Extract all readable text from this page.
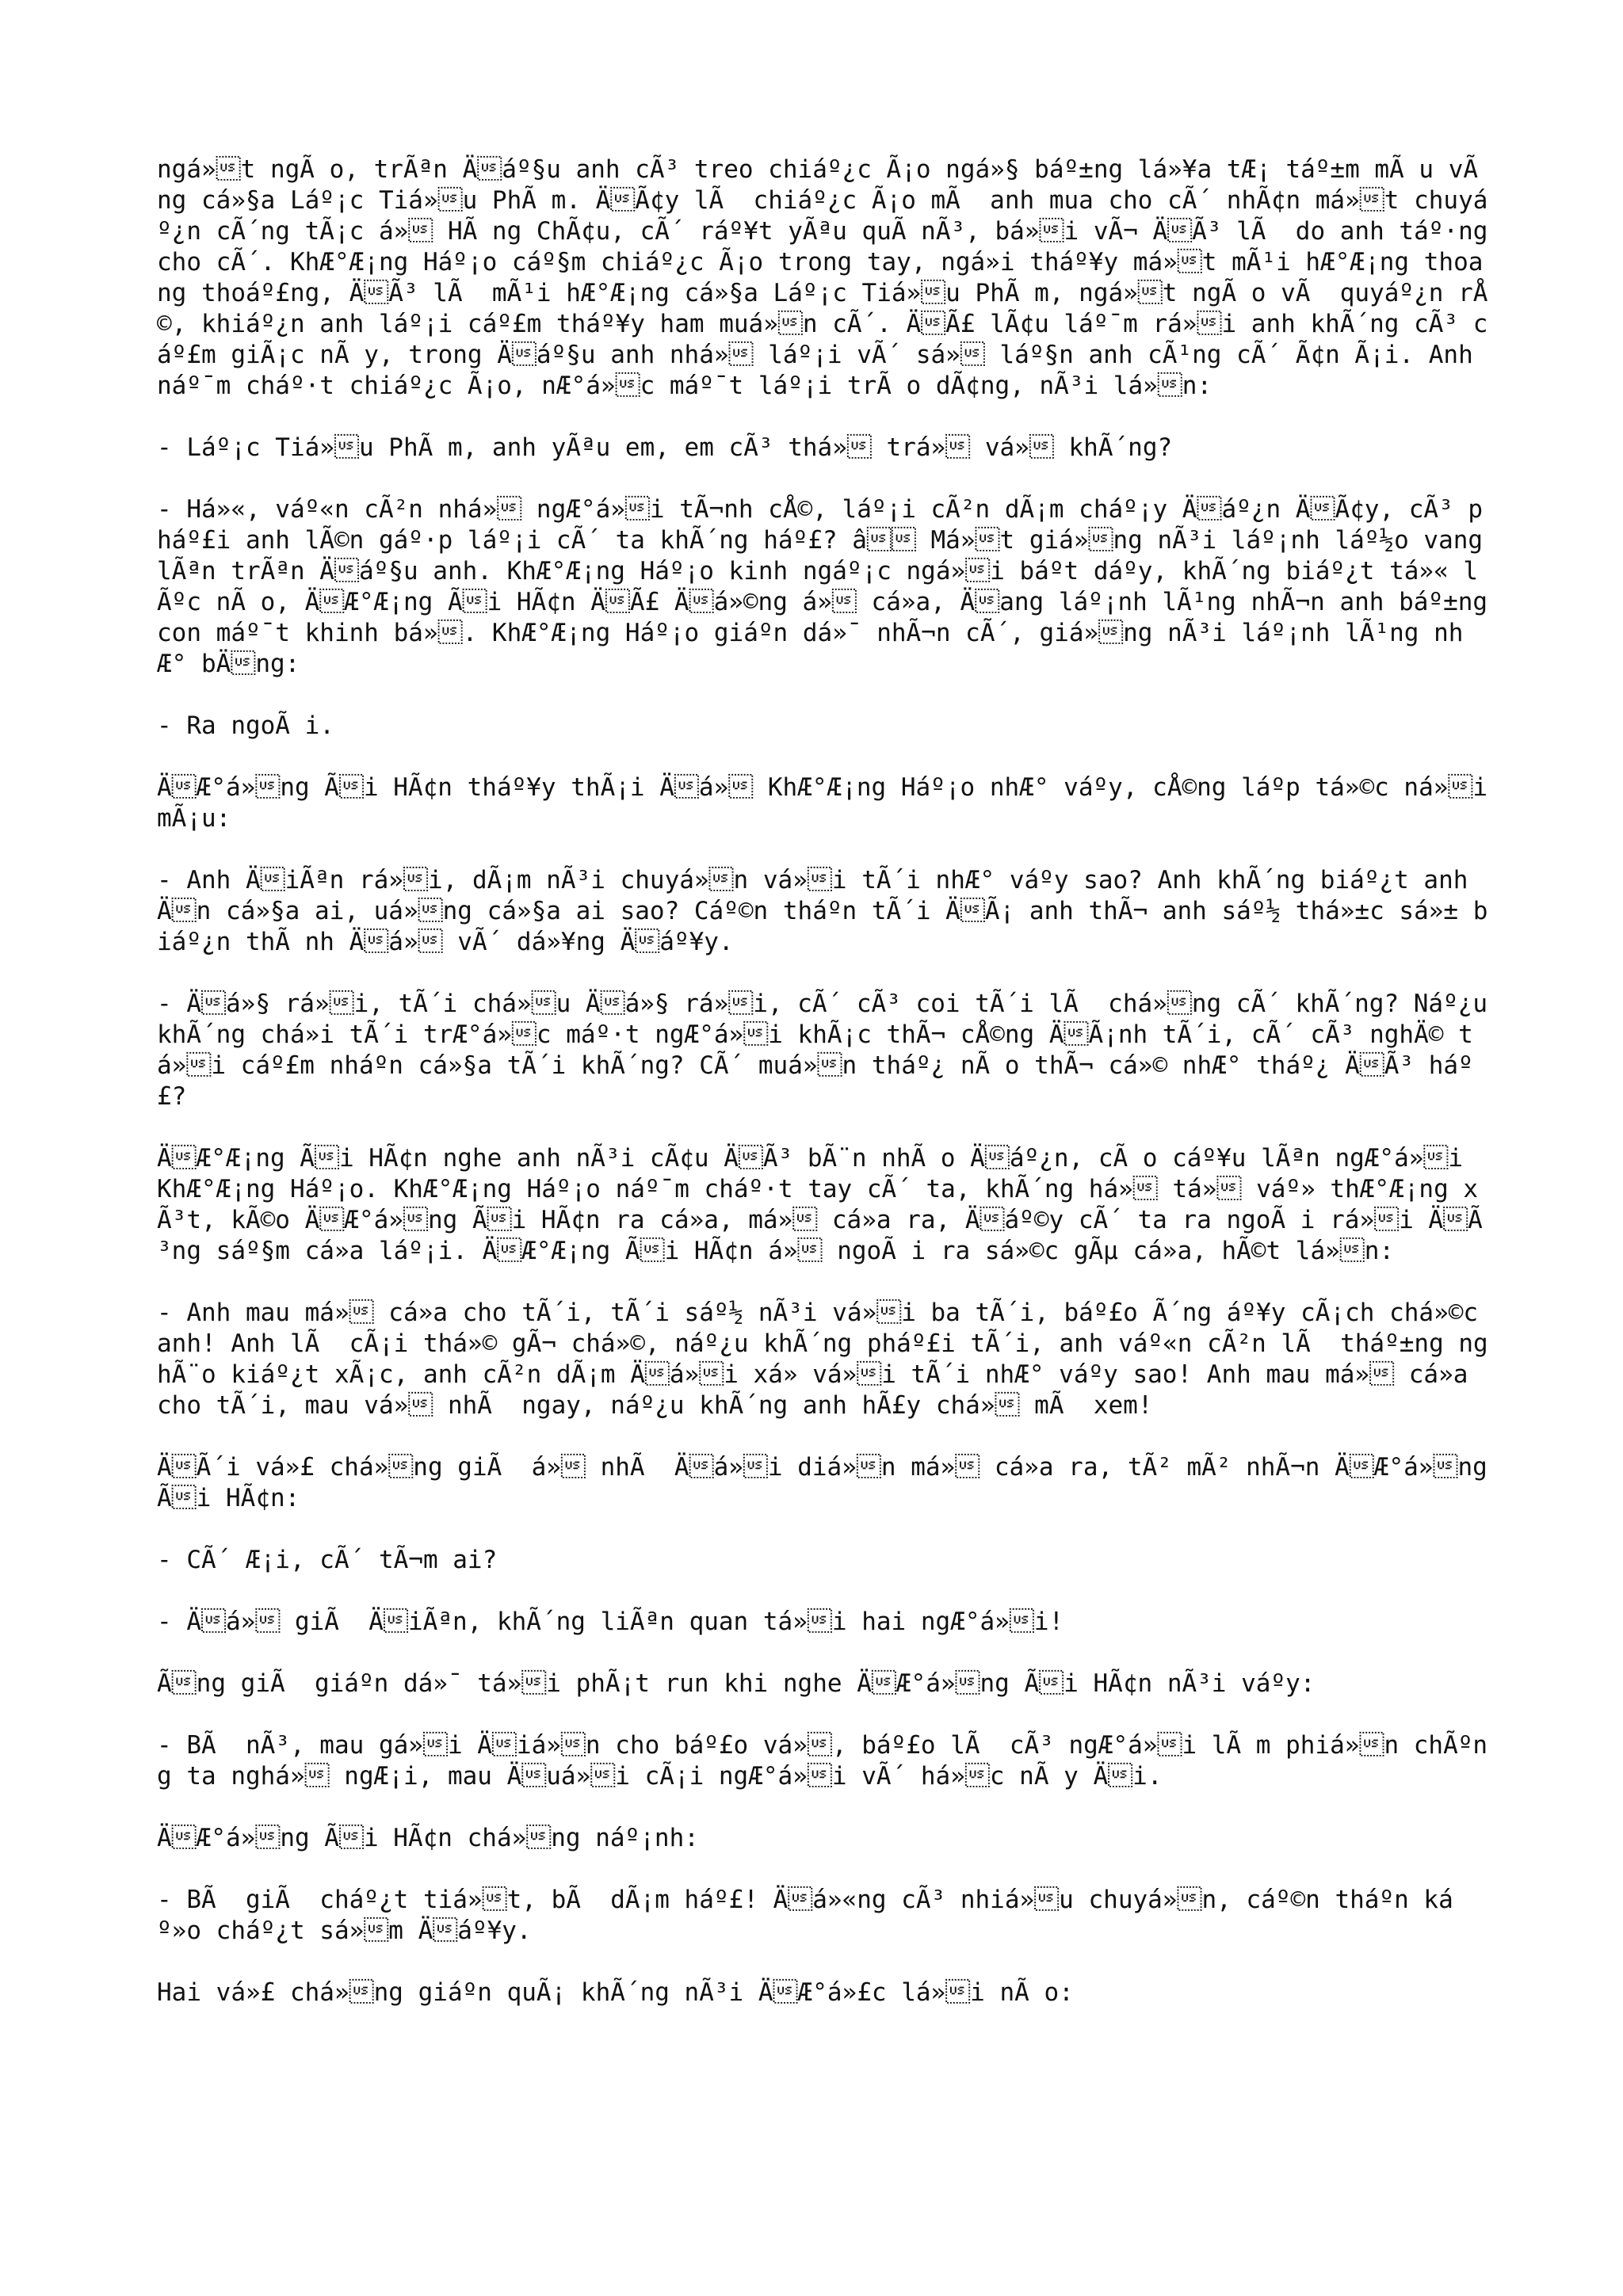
ngá»t ngÃ o, trÃªn Äáº§u anh cÃ³ treo chiáº¿c Ã¡o ngá»§ báº±ng lá»¥a tÆ¡ táº±m mÃ u vÃ ng cá»§a Láº¡c Tiá»u PhÃ m. ÄÃ¢y lÃ  chiáº¿c Ã¡o mÃ  anh mua cho cÃ´ nhÃ¢n má»t chuyáº¿n cÃ´ng tÃ¡c á» HÃ ng ChÃ¢u, cÃ´ ráº¥t yÃªu quÃ nÃ³, bá»i vÃ¬ ÄÃ³ lÃ  do anh táº·ng cho cÃ´. KhÆ°Æ¡ng Háº¡o cáº§m chiáº¿c Ã¡o trong tay, ngá»i tháº¥y má»t mÃ¹i hÆ°Æ¡ng thoang thoáº£ng, ÄÃ³ lÃ  mÃ¹i hÆ°Æ¡ng cá»§a Láº¡c Tiá»u PhÃ m, ngá»t ngÃ o vÃ  quyáº¿n rÅ©, khiáº¿n anh láº¡i cáº£m tháº¥y ham muá»n cÃ´. ÄÃ£ lÃ¢u láº¯m rá»i anh khÃ´ng cÃ³ cáº£m giÃ¡c nÃ y, trong Äáº§u anh nhá» láº¡i vÃ´ sá» láº§n anh cÃ¹ng cÃ´ Ã¢n Ã¡i. Anh náº¯m cháº·t chiáº¿c Ã¡o, nÆ°á»c máº¯t láº¡i trÃ o dÃ¢ng, nÃ³i lá»n:

- Láº¡c Tiá»u PhÃ m, anh yÃªu em, em cÃ³ thá» trá» vá» khÃ´ng?

- Há»«, váº«n cÃ²n nhá» ngÆ°á»i tÃ¬nh cÅ©, láº¡i cÃ²n dÃ¡m cháº¡y Äáº¿n ÄÃ¢y, cÃ³ pháº£i anh lÃ©n gáº·p láº¡i cÃ´ ta khÃ´ng háº£? â Má»t giá»ng nÃ³i láº¡nh láº½o vang lÃªn trÃªn Äáº§u anh. KhÆ°Æ¡ng Háº¡o kinh ngáº¡c ngá»i báºt dáºy, khÃ´ng biáº¿t tá»« lÃºc nÃ o, ÄÆ°Æ¡ng Ãi HÃ¢n ÄÃ£ Äá»©ng á» cá»a, Äang láº¡nh lÃ¹ng nhÃ¬n anh báº±ng con máº¯t khinh bá». KhÆ°Æ¡ng Háº¡o giáºn dá»¯ nhÃ¬n cÃ´, giá»ng nÃ³i láº¡nh lÃ¹ng nhÆ° bÄng:

- Ra ngoÃ i.

ÄÆ°á»ng Ãi HÃ¢n tháº¥y thÃ¡i Äá» KhÆ°Æ¡ng Háº¡o nhÆ° váºy, cÅ©ng láºp tá»©c ná»i mÃ¡u:

- Anh ÄiÃªn rá»i, dÃ¡m nÃ³i chuyá»n vá»i tÃ´i nhÆ° váºy sao? Anh khÃ´ng biáº¿t anh Än cá»§a ai, uá»ng cá»§a ai sao? Cáº©n tháºn tÃ´i ÄÃ¡ anh thÃ¬ anh sáº½ thá»±c sá»± biáº¿n thÃ nh Äá» vÃ´ dá»¥ng Äáº¥y.

- Äá»§ rá»i, tÃ´i chá»u Äá»§ rá»i, cÃ´ cÃ³ coi tÃ´i lÃ  chá»ng cÃ´ khÃ´ng? Náº¿u khÃ´ng chá»i tÃ´i trÆ°á»c máº·t ngÆ°á»i khÃ¡c thÃ¬ cÅ©ng ÄÃ¡nh tÃ´i, cÃ´ cÃ³ nghÄ© tá»i cáº£m nháºn cá»§a tÃ´i khÃ´ng? CÃ´ muá»n tháº¿ nÃ o thÃ¬ cá»© nhÆ° tháº¿ ÄÃ³ háº£?

ÄÆ°Æ¡ng Ãi HÃ¢n nghe anh nÃ³i cÃ¢u ÄÃ³ bÃ¨n nhÃ o Äáº¿n, cÃ o cáº¥u lÃªn ngÆ°á»i KhÆ°Æ¡ng Háº¡o. KhÆ°Æ¡ng Háº¡o náº¯m cháº·t tay cÃ´ ta, khÃ´ng há» tá» váº» thÆ°Æ¡ng xÃ³t, kÃ©o ÄÆ°á»ng Ãi HÃ¢n ra cá»a, má» cá»a ra, Äáº©y cÃ´ ta ra ngoÃ i rá»i ÄÃ³ng sáº§m cá»a láº¡i. ÄÆ°Æ¡ng Ãi HÃ¢n á» ngoÃ i ra sá»©c gÃµ cá»a, hÃ©t lá»n:

- Anh mau má» cá»a cho tÃ´i, tÃ´i sáº½ nÃ³i vá»i ba tÃ´i, báº£o Ã´ng áº¥y cÃ¡ch chá»©c anh! Anh lÃ  cÃ¡i thá»© gÃ¬ chá»©, náº¿u khÃ´ng pháº£i tÃ´i, anh váº«n cÃ²n lÃ  tháº±ng nghÃ¨o kiáº¿t xÃ¡c, anh cÃ²n dÃ¡m Äá»i xá» vá»i tÃ´i nhÆ° váºy sao! Anh mau má» cá»a cho tÃ´i, mau vá» nhÃ  ngay, náº¿u khÃ´ng anh hÃ£y chá» mÃ  xem!

ÄÃ´i vá»£ chá»ng giÃ  á» nhÃ  Äá»i diá»n má» cá»a ra, tÃ² mÃ² nhÃ¬n ÄÆ°á»ng Ãi HÃ¢n:

- CÃ´ Æ¡i, cÃ´ tÃ¬m ai?

- Äá» giÃ  ÄiÃªn, khÃ´ng liÃªn quan tá»i hai ngÆ°á»i!

Ãng giÃ  giáºn dá»¯ tá»i phÃ¡t run khi nghe ÄÆ°á»ng Ãi HÃ¢n nÃ³i váºy:

- BÃ  nÃ³, mau gá»i Äiá»n cho báº£o vá», báº£o lÃ  cÃ³ ngÆ°á»i lÃ m phiá»n chÃºng ta nghá» ngÆ¡i, mau Äuá»i cÃ¡i ngÆ°á»i vÃ´ há»c nÃ y Äi.

ÄÆ°á»ng Ãi HÃ¢n chá»ng náº¡nh:

- BÃ  giÃ  cháº¿t tiá»t, bÃ  dÃ¡m háº£! Äá»«ng cÃ³ nhiá»u chuyá»n, cáº©n tháºn káº»o cháº¿t sá»m Äáº¥y.

Hai vá»£ chá»ng giáºn quÃ¡ khÃ´ng nÃ³i ÄÆ°á»£c lá»i nÃ o:
